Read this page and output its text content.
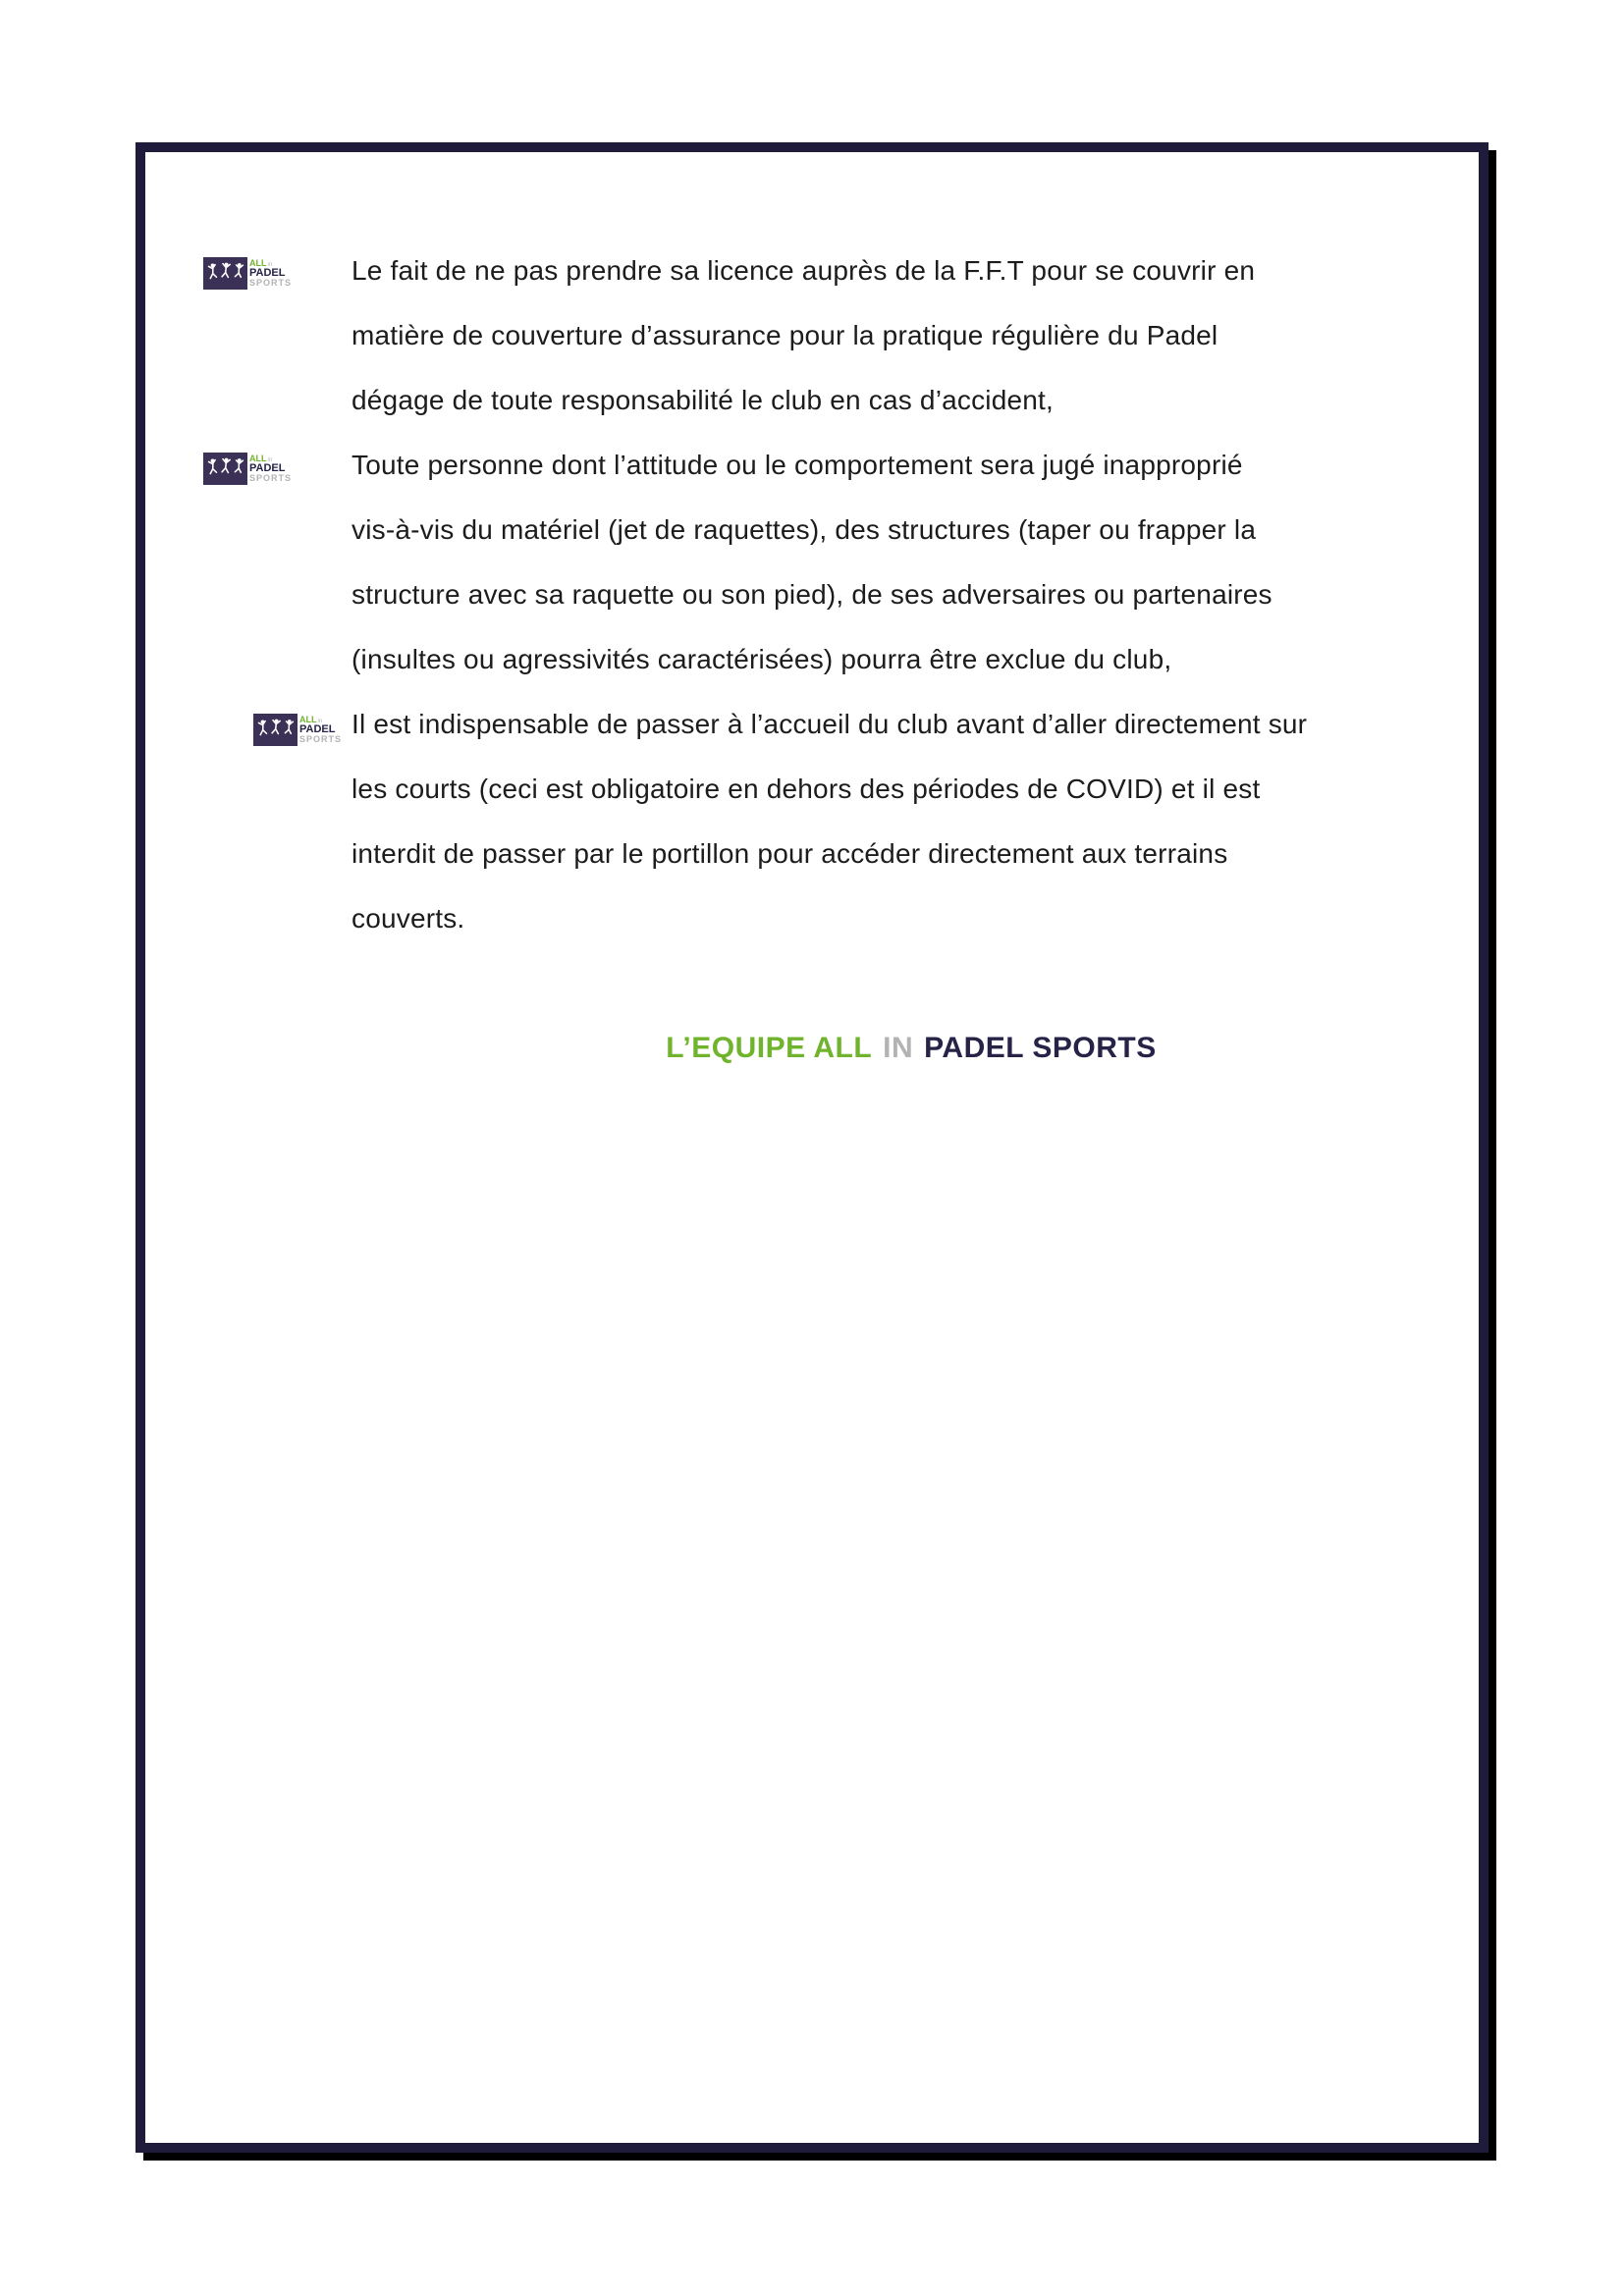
ALL in
PADEL
SPORTS
ALL in
PADEL
SPORTS
ALL in
PADEL
SPORTS
Le fait de ne pas prendre sa licence auprès de la F.F.T pour se couvrir en
matière de couverture d’assurance pour la pratique régulière du Padel
dégage de toute responsabilité le club en cas d’accident,
Toute personne dont l’attitude ou le comportement sera jugé inapproprié
vis-à-vis du matériel (jet de raquettes), des structures (taper ou frapper la
structure avec sa raquette ou son pied), de ses adversaires ou partenaires
(insultes ou agressivités caractérisées) pourra être exclue du club,
Il est indispensable de passer à l’accueil du club avant d’aller directement sur
les courts (ceci est obligatoire en dehors des périodes de COVID) et il est
interdit de passer par le portillon pour accéder directement aux terrains
couverts.
L’EQUIPE ALL IN PADEL SPORTS
